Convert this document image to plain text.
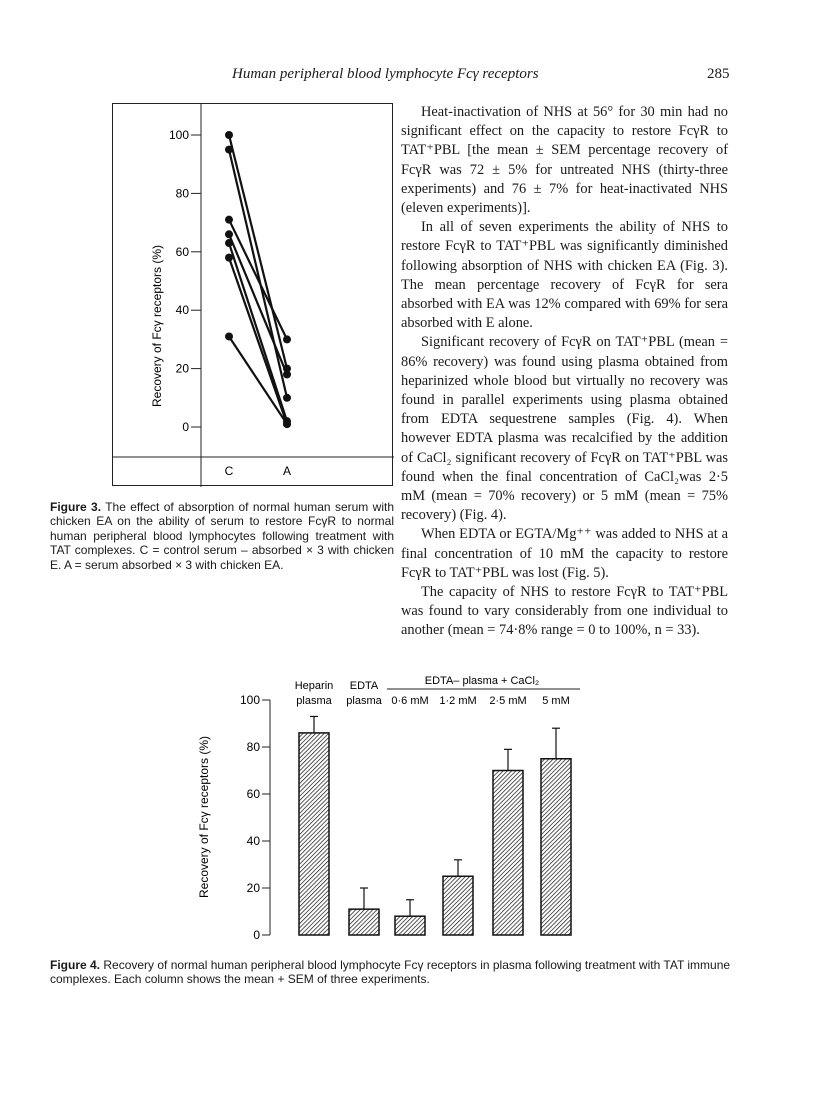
Human peripheral blood lymphocyte Fcγ receptors	285
Recovery of Fcγ receptors (%)
0
20
40
60
80
100
C	A
Figure 3. The effect of absorption of normal human serum with chicken EA on the ability of serum to restore FcγR to normal human peripheral blood lymphocytes following treatment with TAT complexes. C = control serum – absorbed × 3 with chicken E. A = serum absorbed × 3 with chicken EA.

Heat-inactivation of NHS at 56° for 30 min had no significant effect on the capacity to restore FcγR to TAT⁺PBL [the mean ± SEM percentage recovery of FcγR was 72 ± 5% for untreated NHS (thirty-three experiments) and 76 ± 7% for heat-inactivated NHS (eleven experiments)].

In all of seven experiments the ability of NHS to restore FcγR to TAT⁺PBL was significantly diminished following absorption of NHS with chicken EA (Fig. 3). The mean percentage recovery of FcγR for sera absorbed with EA was 12% compared with 69% for sera absorbed with E alone.

Significant recovery of FcγR on TAT⁺PBL (mean = 86% recovery) was found using plasma obtained from heparinized whole blood but virtually no recovery was found in parallel experiments using plasma obtained from EDTA sequestrene samples (Fig. 4). When however EDTA plasma was recalcified by the addition of CaCl₂ significant recovery of FcγR on TAT⁺PBL was found when the final concentration of CaCl₂was 2·5 mM (mean = 70% recovery) or 5 mM (mean = 75% recovery) (Fig. 4).

When EDTA or EGTA/Mg⁺⁺ was added to NHS at a final concentration of 10 mM the capacity to restore FcγR to TAT⁺PBL was lost (Fig. 5).

The capacity of NHS to restore FcγR to TAT⁺PBL was found to vary considerably from one individual to another (mean = 74·8% range = 0 to 100%, n = 33).

Recovery of Fcγ receptors (%)
EDTA– plasma + CaCl₂
0
20
40
60
80
100
Heparin
plasma
EDTA
plasma 0·6 mM 1·2 mM 2·5 mM 5 mM
Figure 4. Recovery of normal human peripheral blood lymphocyte Fcγ receptors in plasma following treatment with TAT immune complexes. Each column shows the mean + SEM of three experiments.
